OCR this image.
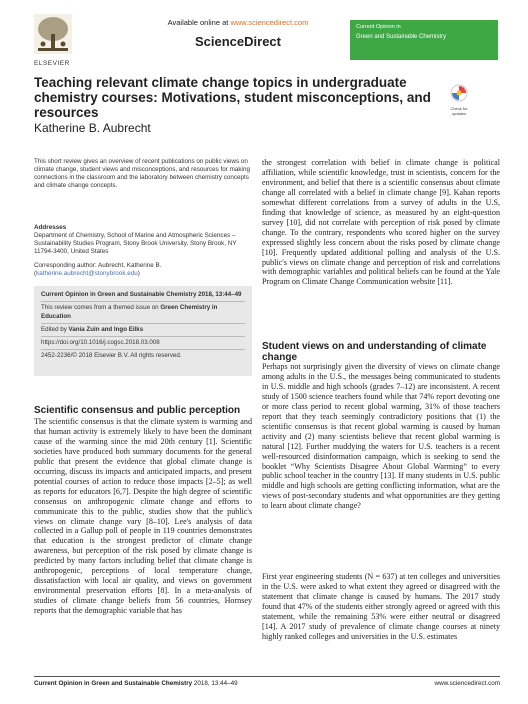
ELSEVIER
Available online at www.sciencedirect.com
ScienceDirect
Current Opinion in
Green and Sustainable Chemistry
Check for
updates
Teaching relevant climate change topics in undergraduate chemistry courses: Motivations, student misconceptions, and resources
Katherine B. Aubrecht
This short review gives an overview of recent publications on public views on climate change, student views and misconceptions, and resources for making connections in the classroom and the laboratory between chemistry concepts and climate change concepts.
Addresses
Department of Chemistry, School of Marine and Atmospheric Sciences – Sustainability Studies Program, Stony Brook University, Stony Brook, NY 11794-3400, United States
Corresponding author: Aubrecht, Katherine B. (katherine.aubrecht@stonybrook.edu)
Current Opinion in Green and Sustainable Chemistry 2018, 13:44–49
This review comes from a themed issue on Green Chemistry in Education
Edited by Vania Zuin and Ingo Eilks
https://doi.org/10.1016/j.cogsc.2018.03.008
2452-2236/© 2018 Elsevier B.V. All rights reserved.
Scientific consensus and public perception
The scientific consensus is that the climate system is warming and that human activity is extremely likely to have been the dominant cause of the warming since the mid 20th century [1]. Scientific societies have produced both summary documents for the general public that present the evidence that global climate change is occurring, discuss its impacts and anticipated impacts, and present potential courses of action to reduce those impacts [2–5]; as well as reports for educators [6,7]. Despite the high degree of scientific consensus on anthropogenic climate change and efforts to communicate this to the public, studies show that the public's views on climate change vary [8–10]. Lee's analysis of data collected in a Gallup poll of people in 119 countries demonstrates that education is the strongest predictor of climate change awareness, but perception of the risk posed by climate change is predicted by many factors including belief that climate change is anthropogenic, perceptions of local temperature change, dissatisfaction with local air quality, and views on government environmental preservation efforts [8]. In a meta-analysis of studies of climate change beliefs from 56 countries, Hornsey reports that the demographic variable that has
the strongest correlation with belief in climate change is political affiliation, while scientific knowledge, trust in scientists, concern for the environment, and belief that there is a scientific consensus about climate change all correlated with a belief in climate change [9]. Kahan reports somewhat different correlations from a survey of adults in the U.S, finding that knowledge of science, as measured by an eight-question survey [10], did not correlate with perception of risk posed by climate change. To the contrary, respondents who scored higher on the survey expressed slightly less concern about the risks posed by climate change [10]. Frequently updated additional polling and analysis of the U.S. public's views on climate change and perception of risk and correlations with demographic variables and political beliefs can be found at the Yale Program on Climate Change Communication website [11].
Student views on and understanding of climate change
Perhaps not surprisingly given the diversity of views on climate change among adults in the U.S., the messages being communicated to students in U.S. middle and high schools (grades 7–12) are inconsistent. A recent study of 1500 science teachers found while that 74% report devoting one or more class period to recent global warming, 31% of those teachers report that they teach seemingly contradictory positions that (1) the scientific consensus is that recent global warming is caused by human activity and (2) many scientists believe that recent global warming is natural [12]. Further muddying the waters for U.S. teachers is a recent well-resourced disinformation campaign, which is seeking to send the booklet “Why Scientists Disagree About Global Warming” to every public school teacher in the country [13]. If many students in U.S. public middle and high schools are getting conflicting information, what are the views of post-secondary students and what opportunities are they getting to learn about climate change?
First year engineering students (N = 637) at ten colleges and universities in the U.S. were asked to what extent they agreed or disagreed with the statement that climate change is caused by humans. The 2017 study found that 47% of the students either strongly agreed or agreed with this statement, while the remaining 53% were either neutral or disagreed [14]. A 2017 study of prevalence of climate change courses at ninety highly ranked colleges and universities in the U.S. estimates
Current Opinion in Green and Sustainable Chemistry 2018, 13:44–49	www.sciencedirect.com
